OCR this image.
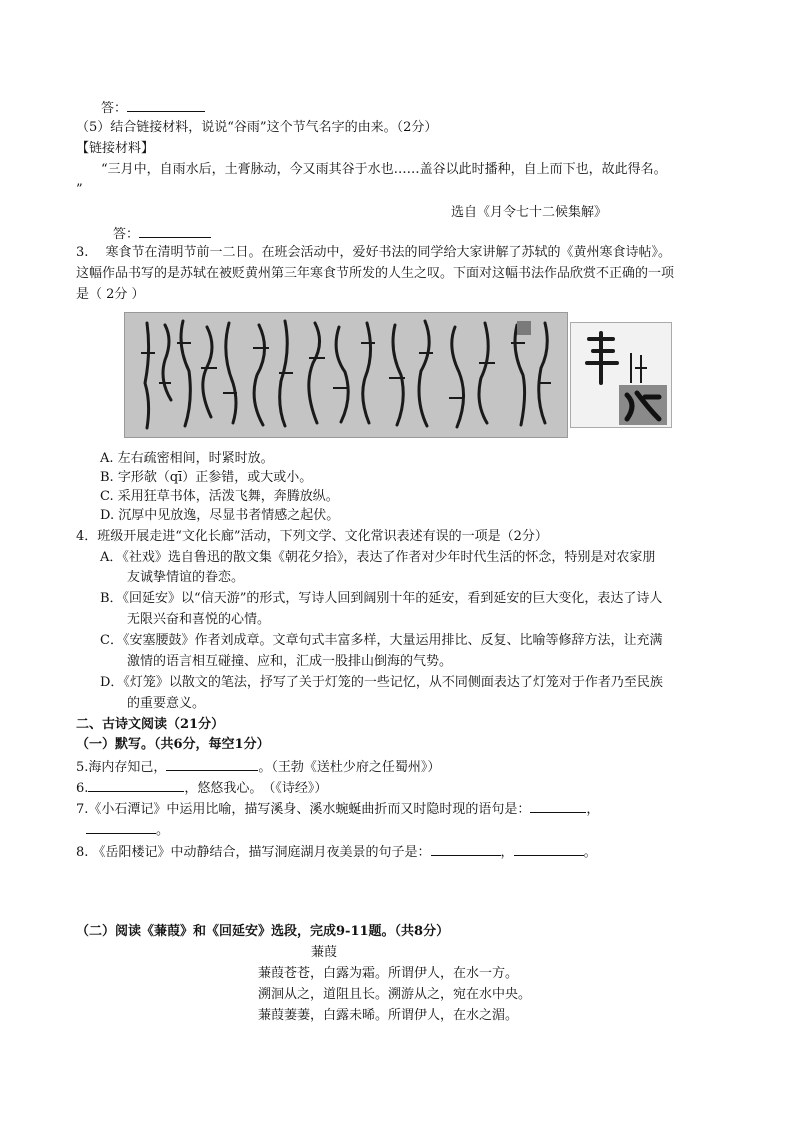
答：
（5）结合链接材料，说说“谷雨”这个节气名字的由来。（2分）
【链接材料】
“三月中，自雨水后，土膏脉动，今又雨其谷于水也……盖谷以此时播种，自上而下也，故此得名。
”
选自《月令七十二候集解》
答：
3.　 寒食节在清明节前一二日。在班会活动中，爱好书法的同学给大家讲解了苏轼的《黄州寒食诗帖》。
这幅作品书写的是苏轼在被贬黄州第三年寒食节所发的人生之叹。下面对这幅书法作品欣赏不正确的一项
是（ 2分 ）
A. 左右疏密相间，时紧时放。
B. 字形欹（qī）正参错，或大或小。
C. 采用狂草书体，活泼飞舞，奔腾放纵。
D. 沉厚中见放逸，尽显书者情感之起伏。
4．班级开展走进“文化长廊”活动，下列文学、文化常识表述有误的一项是（2分）
A．《社戏》选自鲁迅的散文集《朝花夕拾》，表达了作者对少年时代生活的怀念，特别是对农家朋
友诚挚情谊的眷恋。
B．《回延安》以“信天游”的形式，写诗人回到阔别十年的延安，看到延安的巨大变化，表达了诗人
无限兴奋和喜悦的心情。
C．《安塞腰鼓》作者刘成章。文章句式丰富多样，大量运用排比、反复、比喻等修辞方法，让充满
激情的语言相互碰撞、应和，汇成一股排山倒海的气势。
D．《灯笼》以散文的笔法，抒写了关于灯笼的一些记忆，从不同侧面表达了灯笼对于作者乃至民族
的重要意义。
二、古诗文阅读（21分）
（一）默写。（共6分，每空1分）
5.海内存知己，	。（王勃《送杜少府之任蜀州》）
6.	，悠悠我心。　（《诗经》）
7.《小石潭记》中运用比喻，描写溪身、溪水蜿蜒曲折而又时隐时现的语句是：	，
。
8. 《岳阳楼记》中动静结合，描写洞庭湖月夜美景的句子是：	，	。
（二）阅读《蒹葭》和《回延安》选段，完成9-11题。（共8分）
蒹葭
蒹葭苍苍，白露为霜。所谓伊人，在水一方。
溯洄从之，道阻且长。溯游从之，宛在水中央。
蒹葭萋萋，白露未晞。所谓伊人，在水之湄。
